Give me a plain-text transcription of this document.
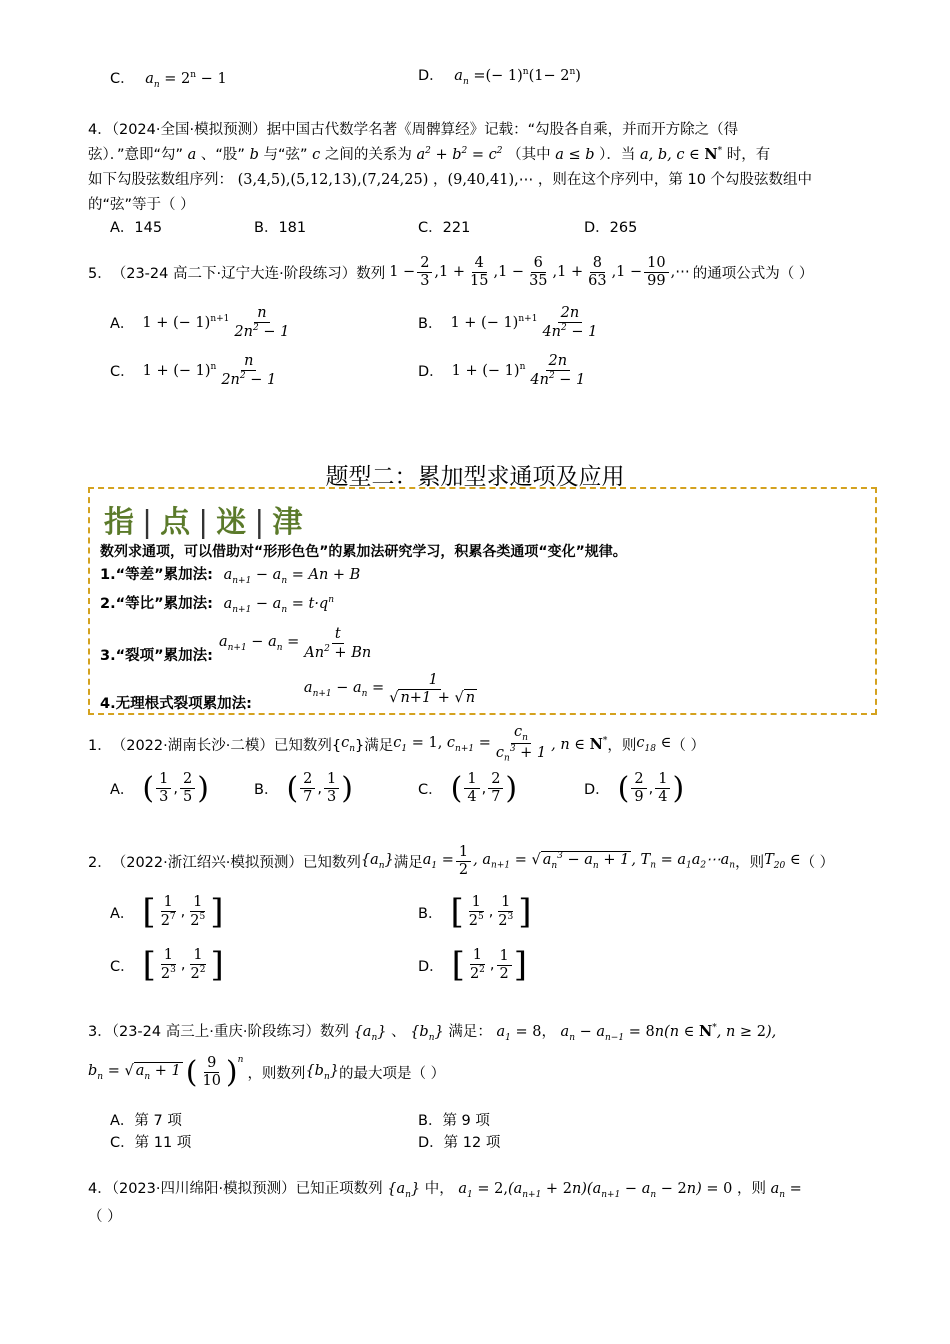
C． $a_n = 2^n - 1$	D． $a_n$ =(− $1)^n(1- 2^n)$
4．（2024·全国·模拟预测）据中国古代数学名著《周髀算经》记载：“勾股各自乘，并而开方除之（得
弦）．”意即“勾” a 、“股” b 与“弦” c 之间的关系为 $a^2 + b^2 = c^2$ （其中 a ≤ b ）．当 a, b, c ∈ N* 时，有
如下勾股弦数组序列： (3,4,5),(5,12,13),(7,24,25) ，(9,40,41),⋯ ，则在这个序列中，第 10 个勾股弦数组中
的“弦”等于（ ）
A．145	B．181	C．221	D．265
5． （23-24 高二下·辽宁大连·阶段练习） 数列 $1 - \frac{2}{3} ,1 + \frac{4}{15} ,1 - \frac{6}{35} ,1 + \frac{8}{63} ,1 - \frac{10}{99}$ ,⋯ 的通项公式为（ ）
A． 1 + (− $1)^{n+1} \frac{n}{2n^2 - 1}$	B． 1 + (− $1)^{n+1} \frac{2n}{4n^2 - 1}$
C． 1 + (− $1)^n \frac{n}{2n^2 - 1}$	D． 1 + (− $1)^n \frac{2n}{4n^2 - 1}$
题型二：累加型求通项及应用
指 | 点 | 迷 | 津
数列求通项，可以借助对“形形色色”的累加法研究学习，积累各类通项“变化”规律。
1.“等差”累加法: $a_{n+1} - a_n = An + B$
2.“等比”累加法: $a_{n+1} - a_n = t\cdot q^n$
3.“裂项”累加法:
$a_{n+1} - a_n = \frac{t}{An^2 + Bn}$
4.无理根式裂项累加法:
$a_{n+1} - a_n = \frac{1}{√ n+1 + √ n}$
1． （2022·湖南长沙·二模） 已知数列{ $c_n$ }满足 $c_1 = 1$, $c_{n+1} = \frac{c_n}{c_n^3 + 1}$ , n ∈ N* ，则 $c_{18}$ ∈ （ ）
A． ( $\frac{1}{3}$ , $\frac{2}{5}$ )	B． ( $\frac{2}{7}$ , $\frac{1}{3}$ )	C． ( $\frac{1}{4}$ , $\frac{2}{7}$ )	D． ( $\frac{2}{9}$ , $\frac{1}{4}$ )
2． （2022·浙江绍兴·模拟预测） 已知数列 $\{a_n\}$ 满足 $a_1 = \frac{1}{2}$ , $a_{n+1}$ = √ $a_n^3 - a_n + 1$ , $T_n$ = $a_1a_2\cdots a_n$ ，则 $T_{20}$ ∈ （ ）
A． [ $\frac{1}{2^7}$ , $\frac{1}{2^5}$ ]	B． [ $\frac{1}{2^5}$ , $\frac{1}{2^3}$ ]
C． [ $\frac{1}{2^3}$ , $\frac{1}{2^2}$ ]	D． [ $\frac{1}{2^2}$ , $\frac{1}{2}$ ]
3．（23-24 高三上·重庆·阶段练习）数列 $\{a_n\}$ 、 $\{b_n\}$ 满足： $a_1 = 8$， $a_n - a_{n-1} = 8n(n$ ∈ N*, n ≥ 2),
$b_n$ = √ $a_n + 1$ ( $\frac{9}{10} )^n$
，则数列 $\{b_n\}$ 的最大项是（ ）
A．第 7 项	B．第 9 项
C．第 11 项	D．第 12 项
4．（2023·四川绵阳·模拟预测）已知正项数列 $\{a_n\}$ 中， $a_1 = 2,(a_{n+1} + 2n)(a_{n+1} - a_n - 2n) = 0$ ，则 $a_n$ =
（ ）
